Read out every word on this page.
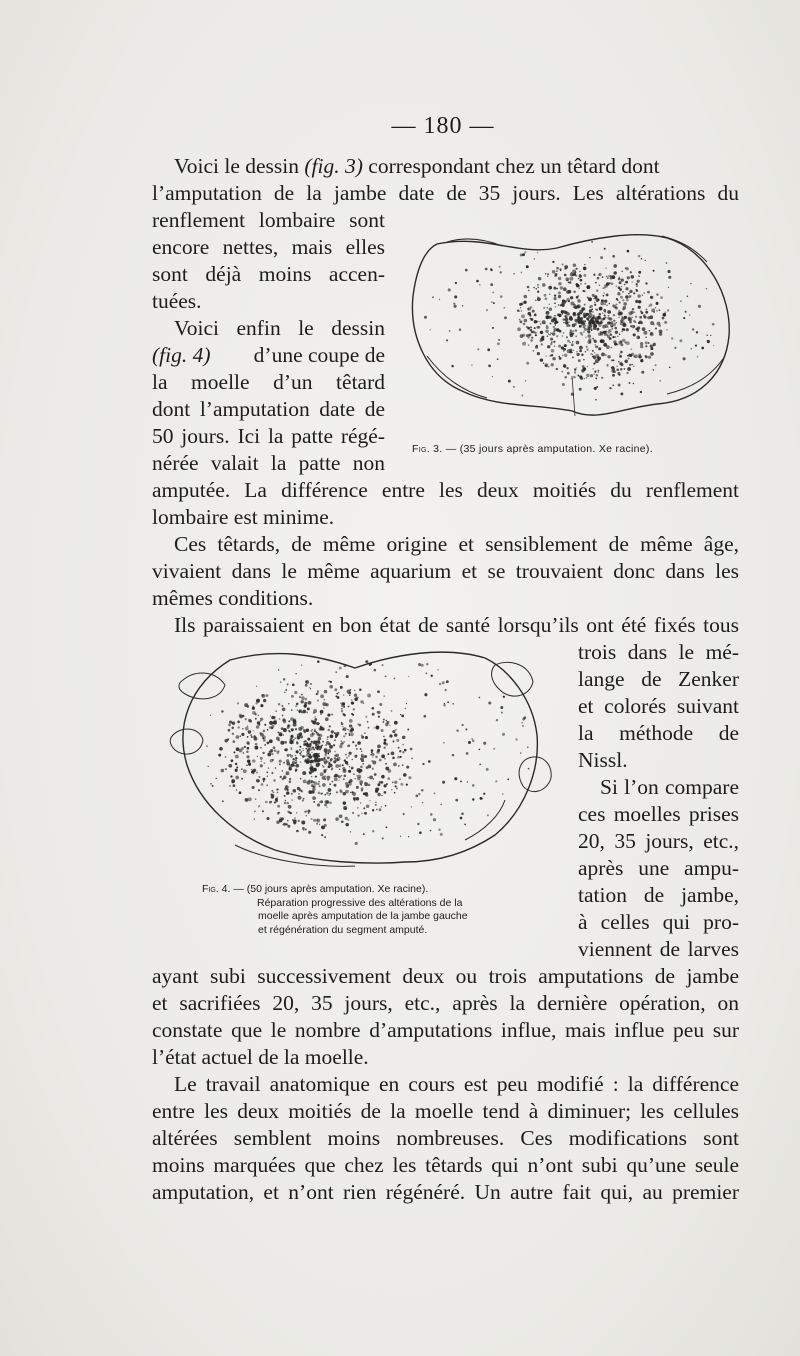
— 180 —
Voici le dessin (fig. 3) correspondant chez un têtard dont
l’amputation de la jambe date de 35 jours. Les altérations du
renflement lombaire sont
encore nettes, mais elles
sont déjà moins accen-
tuées.
Voici enfin le dessin
(fig. 4) d’une coupe de
la moelle d’un têtard
dont l’amputation date de
50 jours. Ici la patte régé-
nérée valait la patte non
amputée. La différence entre les deux moitiés du renflement
lombaire est minime.
Ces têtards, de même origine et sensiblement de même âge,
vivaient dans le même aquarium et se trouvaient donc dans les
mêmes conditions.
Ils paraissaient en bon état de santé lorsqu’ils ont été fixés tous
trois dans le mé-
lange de Zenker
et colorés suivant
la méthode de
Nissl.
Si l’on compare
ces moelles prises
20, 35 jours, etc.,
après une ampu-
tation de jambe,
à celles qui pro-
viennent de larves
ayant subi successivement deux ou trois amputations de jambe
et sacrifiées 20, 35 jours, etc., après la dernière opération, on
constate que le nombre d’amputations influe, mais influe peu sur
l’état actuel de la moelle.
Le travail anatomique en cours est peu modifié : la différence
entre les deux moitiés de la moelle tend à diminuer; les cellules
altérées semblent moins nombreuses. Ces modifications sont
moins marquées que chez les têtards qui n’ont subi qu’une seule
amputation, et n’ont rien régénéré. Un autre fait qui, au premier
Fig. 3. — (35 jours après amputation. Xe racine).
Fig. 4. — (50 jours après amputation. Xe racine).
Réparation progressive des altérations de la
moelle après amputation de la jambe gauche
et régénération du segment amputé.
